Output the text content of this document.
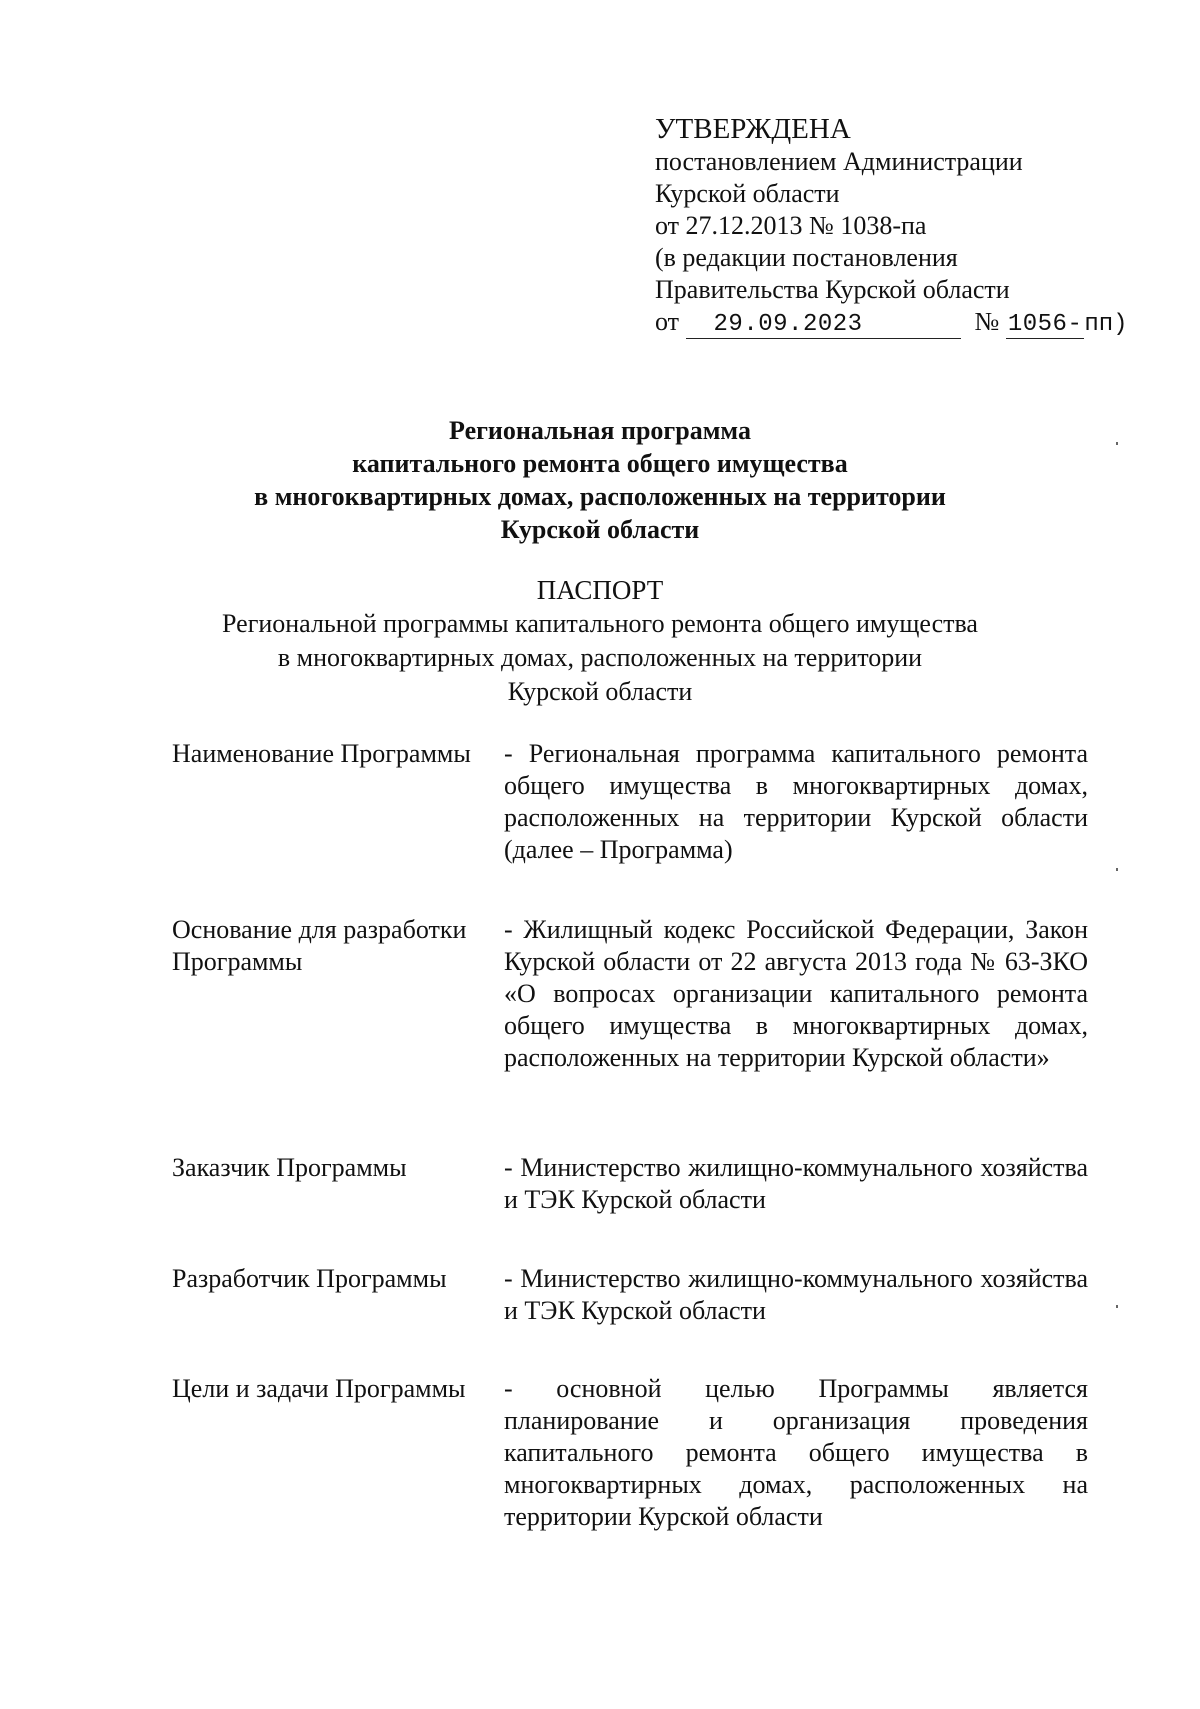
УТВЕРЖДЕНА
постановлением Администрации
Курской области
от 27.12.2013 № 1038-па
(в редакции постановления
Правительства Курской области
от 29.09.2023	№ 1056-пп)
Региональная программа
капитального ремонта общего имущества
в многоквартирных домах, расположенных на территории
Курской области
ПАСПОРТ
Региональной программы капитального ремонта общего имущества
в многоквартирных домах, расположенных на территории
Курской области
Наименование Программы	- Региональная программа капитального ремонта общего имущества в многоквартирных домах, расположенных на территории Курской области (далее – Программа)
Основание для разработки Программы
- Жилищный кодекс Российской Федерации, Закон Курской области от 22 августа 2013 года № 63-ЗКО «О вопросах организации капитального ремонта общего имущества в многоквартирных домах, расположенных на территории Курской области»
Заказчик Программы	- Министерство жилищно-коммунального хозяйства и ТЭК Курской области
Разработчик Программы	- Министерство жилищно-коммунального хозяйства и ТЭК Курской области
Цели и задачи Программы	- основной целью Программы является планирование и организация проведения капитального ремонта общего имущества в многоквартирных домах, расположенных на территории Курской области
